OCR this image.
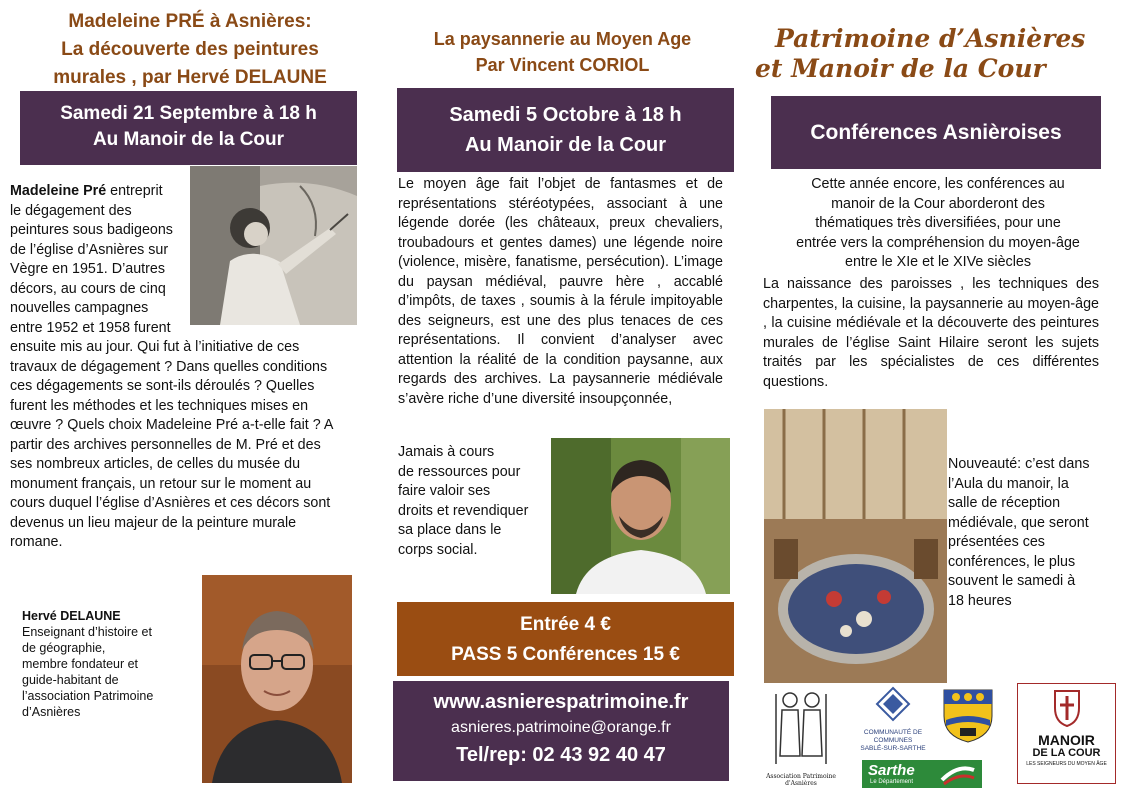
Madeleine PRÉ à Asnières:
La découverte des peintures
murales , par Hervé DELAUNE
Samedi 21 Septembre à 18 h
Au Manoir de la Cour
Madeleine Pré entreprit
le dégagement des
peintures sous badigeons
de l’église d’Asnières sur
Vègre en 1951. D’autres
décors, au cours de cinq
nouvelles campagnes
entre 1952 et 1958 furent
ensuite mis au jour. Qui fut à l’initiative de ces travaux de dégagement ? Dans quelles conditions ces dégagements se sont-ils déroulés ? Quelles furent les méthodes et les techniques mises en œuvre ? Quels choix Madeleine Pré a-t-elle fait ? A partir des archives personnelles de M. Pré et des ses nombreux articles, de celles du musée du monument français, un retour sur le moment au cours duquel l’église d’Asnières et ces décors sont devenus un lieu majeur de la peinture murale romane.
Hervé DELAUNE
Enseignant d’histoire et
de géographie,
membre fondateur et
guide-habitant de
l’association Patrimoine
d’Asnières
La paysannerie au Moyen Age
Par Vincent CORIOL
Samedi 5 Octobre à 18 h
Au Manoir de la Cour
Le moyen âge fait l’objet de fantasmes et de représentations stéréotypées, associant à une légende dorée (les châteaux, preux chevaliers, troubadours et gentes dames) une légende noire (violence, misère, fanatisme, persécution). L’image du paysan médiéval, pauvre hère , accablé d’impôts, de taxes , soumis à la férule impitoyable des seigneurs, est une des plus tenaces de ces représentations. Il convient d’analyser avec attention la réalité de la condition paysanne, aux regards des archives. La paysannerie médiévale s’avère riche d’une diversité insoupçonnée,
Jamais à cours
de ressources pour
faire valoir ses
droits et revendiquer
sa place dans le
corps social.
Entrée 4 €
PASS 5 Conférences 15 €
www.asnierespatrimoine.fr
asnieres.patrimoine@orange.fr
Tel/rep: 02 43 92 40 47
Patrimoine d’Asnières
et Manoir de la Cour
Conférences Asnièroises
Cette année encore, les conférences au
manoir de la Cour aborderont des
thématiques très diversifiées, pour une
entrée vers la compréhension du moyen-âge
entre le XIe et le XIVe siècles
La naissance des paroisses , les techniques des charpentes, la cuisine, la paysannerie au moyen-âge , la cuisine médiévale et la découverte des peintures murales de l’église Saint Hilaire seront les sujets traités par les spécialistes de ces différentes questions.
Nouveauté: c’est dans
l’Aula du manoir, la
salle de réception
médiévale, que seront
présentées ces
conférences, le plus
souvent le samedi à
18 heures
Association Patrimoine d'Asnières
COMMUNAUTÉ DE COMMUNES
SABLÉ-SUR-SARTHE
Sarthe
Le Département
MANOIR
DE LA COUR
LES SEIGNEURS DU MOYEN ÂGE
